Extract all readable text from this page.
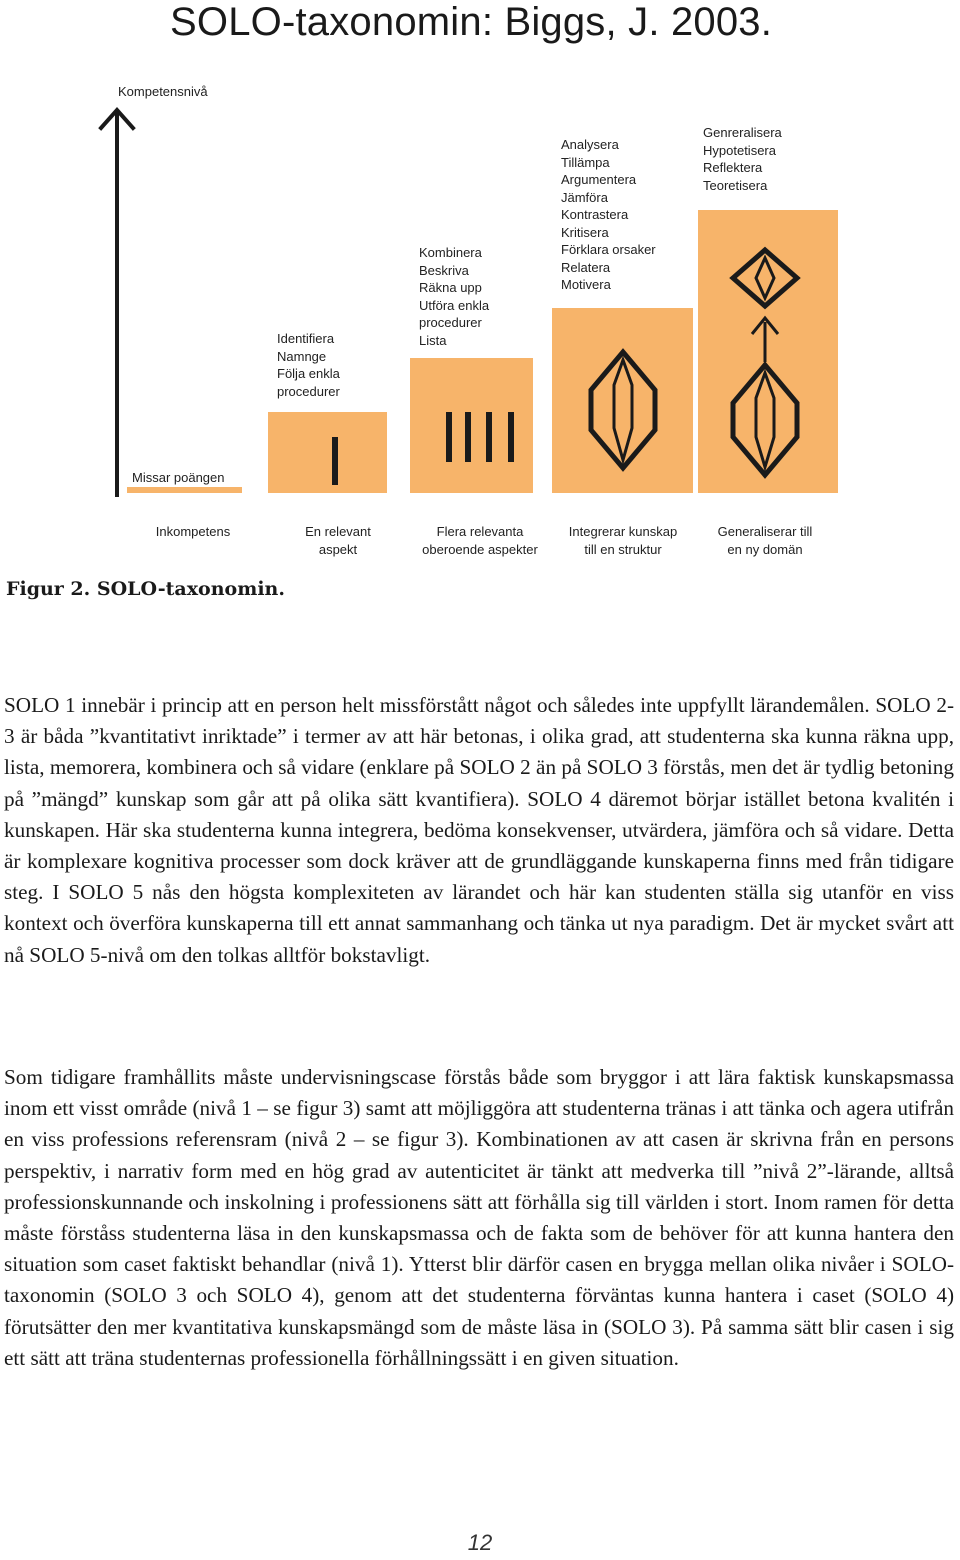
SOLO-taxonomin: Biggs, J. 2003.
Kompetensnivå
Missar poängen
Identifiera
Namnge
Följa enkla
procedurer
Kombinera
Beskriva
Räkna upp
Utföra enkla
procedurer
Lista
Analysera
Tillämpa
Argumentera
Jämföra
Kontrastera
Kritisera
Förklara orsaker
Relatera
Motivera
Genreralisera
Hypotetisera
Reflektera
Teoretisera
Inkompetens	En relevant
aspekt
Flera relevanta
oberoende aspekter
Integrerar kunskap
till en struktur
Generaliserar till
en ny domän
Figur 2. SOLO-taxonomin.

SOLO 1 innebär i princip att en person helt missförstått något och således inte uppfyllt lärandemålen. SOLO 2-3 är båda ”kvantitativt inriktade” i termer av att här betonas, i olika grad, att studenterna ska kunna räkna upp, lista, memorera, kombinera och så vidare (enklare på SOLO 2 än på SOLO 3 förstås, men det är tydlig betoning på ”mängd” kunskap som går att på olika sätt kvantifiera). SOLO 4 däremot börjar istället betona kvalitén i kunskapen. Här ska studenterna kunna integrera, bedöma konsekvenser, utvärdera, jämföra och så vidare. Detta är komplexare kognitiva processer som dock kräver att de grundläggande kunskaperna finns med från tidigare steg. I SOLO 5 nås den högsta komplexiteten av lärandet och här kan studenten ställa sig utanför en viss kontext och överföra kunskaperna till ett annat sammanhang och tänka ut nya paradigm. Det är mycket svårt att nå SOLO 5-nivå om den tolkas alltför bokstavligt.

Som tidigare framhållits måste undervisningscase förstås både som bryggor i att lära faktisk kunskapsmassa inom ett visst område (nivå 1 – se figur 3) samt att möjliggöra att studenterna tränas i att tänka och agera utifrån en viss professions referensram (nivå 2 – se figur 3). Kombinationen av att casen är skrivna från en persons perspektiv, i narrativ form med en hög grad av autenticitet är tänkt att medverka till ”nivå 2”-lärande, alltså professionskunnande och inskolning i professionens sätt att förhålla sig till världen i stort. Inom ramen för detta måste förståss studenterna läsa in den kunskapsmassa och de fakta som de behöver för att kunna hantera den situation som caset faktiskt behandlar (nivå 1). Ytterst blir därför casen en brygga mellan olika nivåer i SOLO-taxonomin (SOLO 3 och SOLO 4), genom att det studenterna förväntas kunna hantera i caset (SOLO 4) förutsätter den mer kvantitativa kunskapsmängd som de måste läsa in (SOLO 3). På samma sätt blir casen i sig ett sätt att träna studenternas professionella förhållningssätt i en given situation.

12
